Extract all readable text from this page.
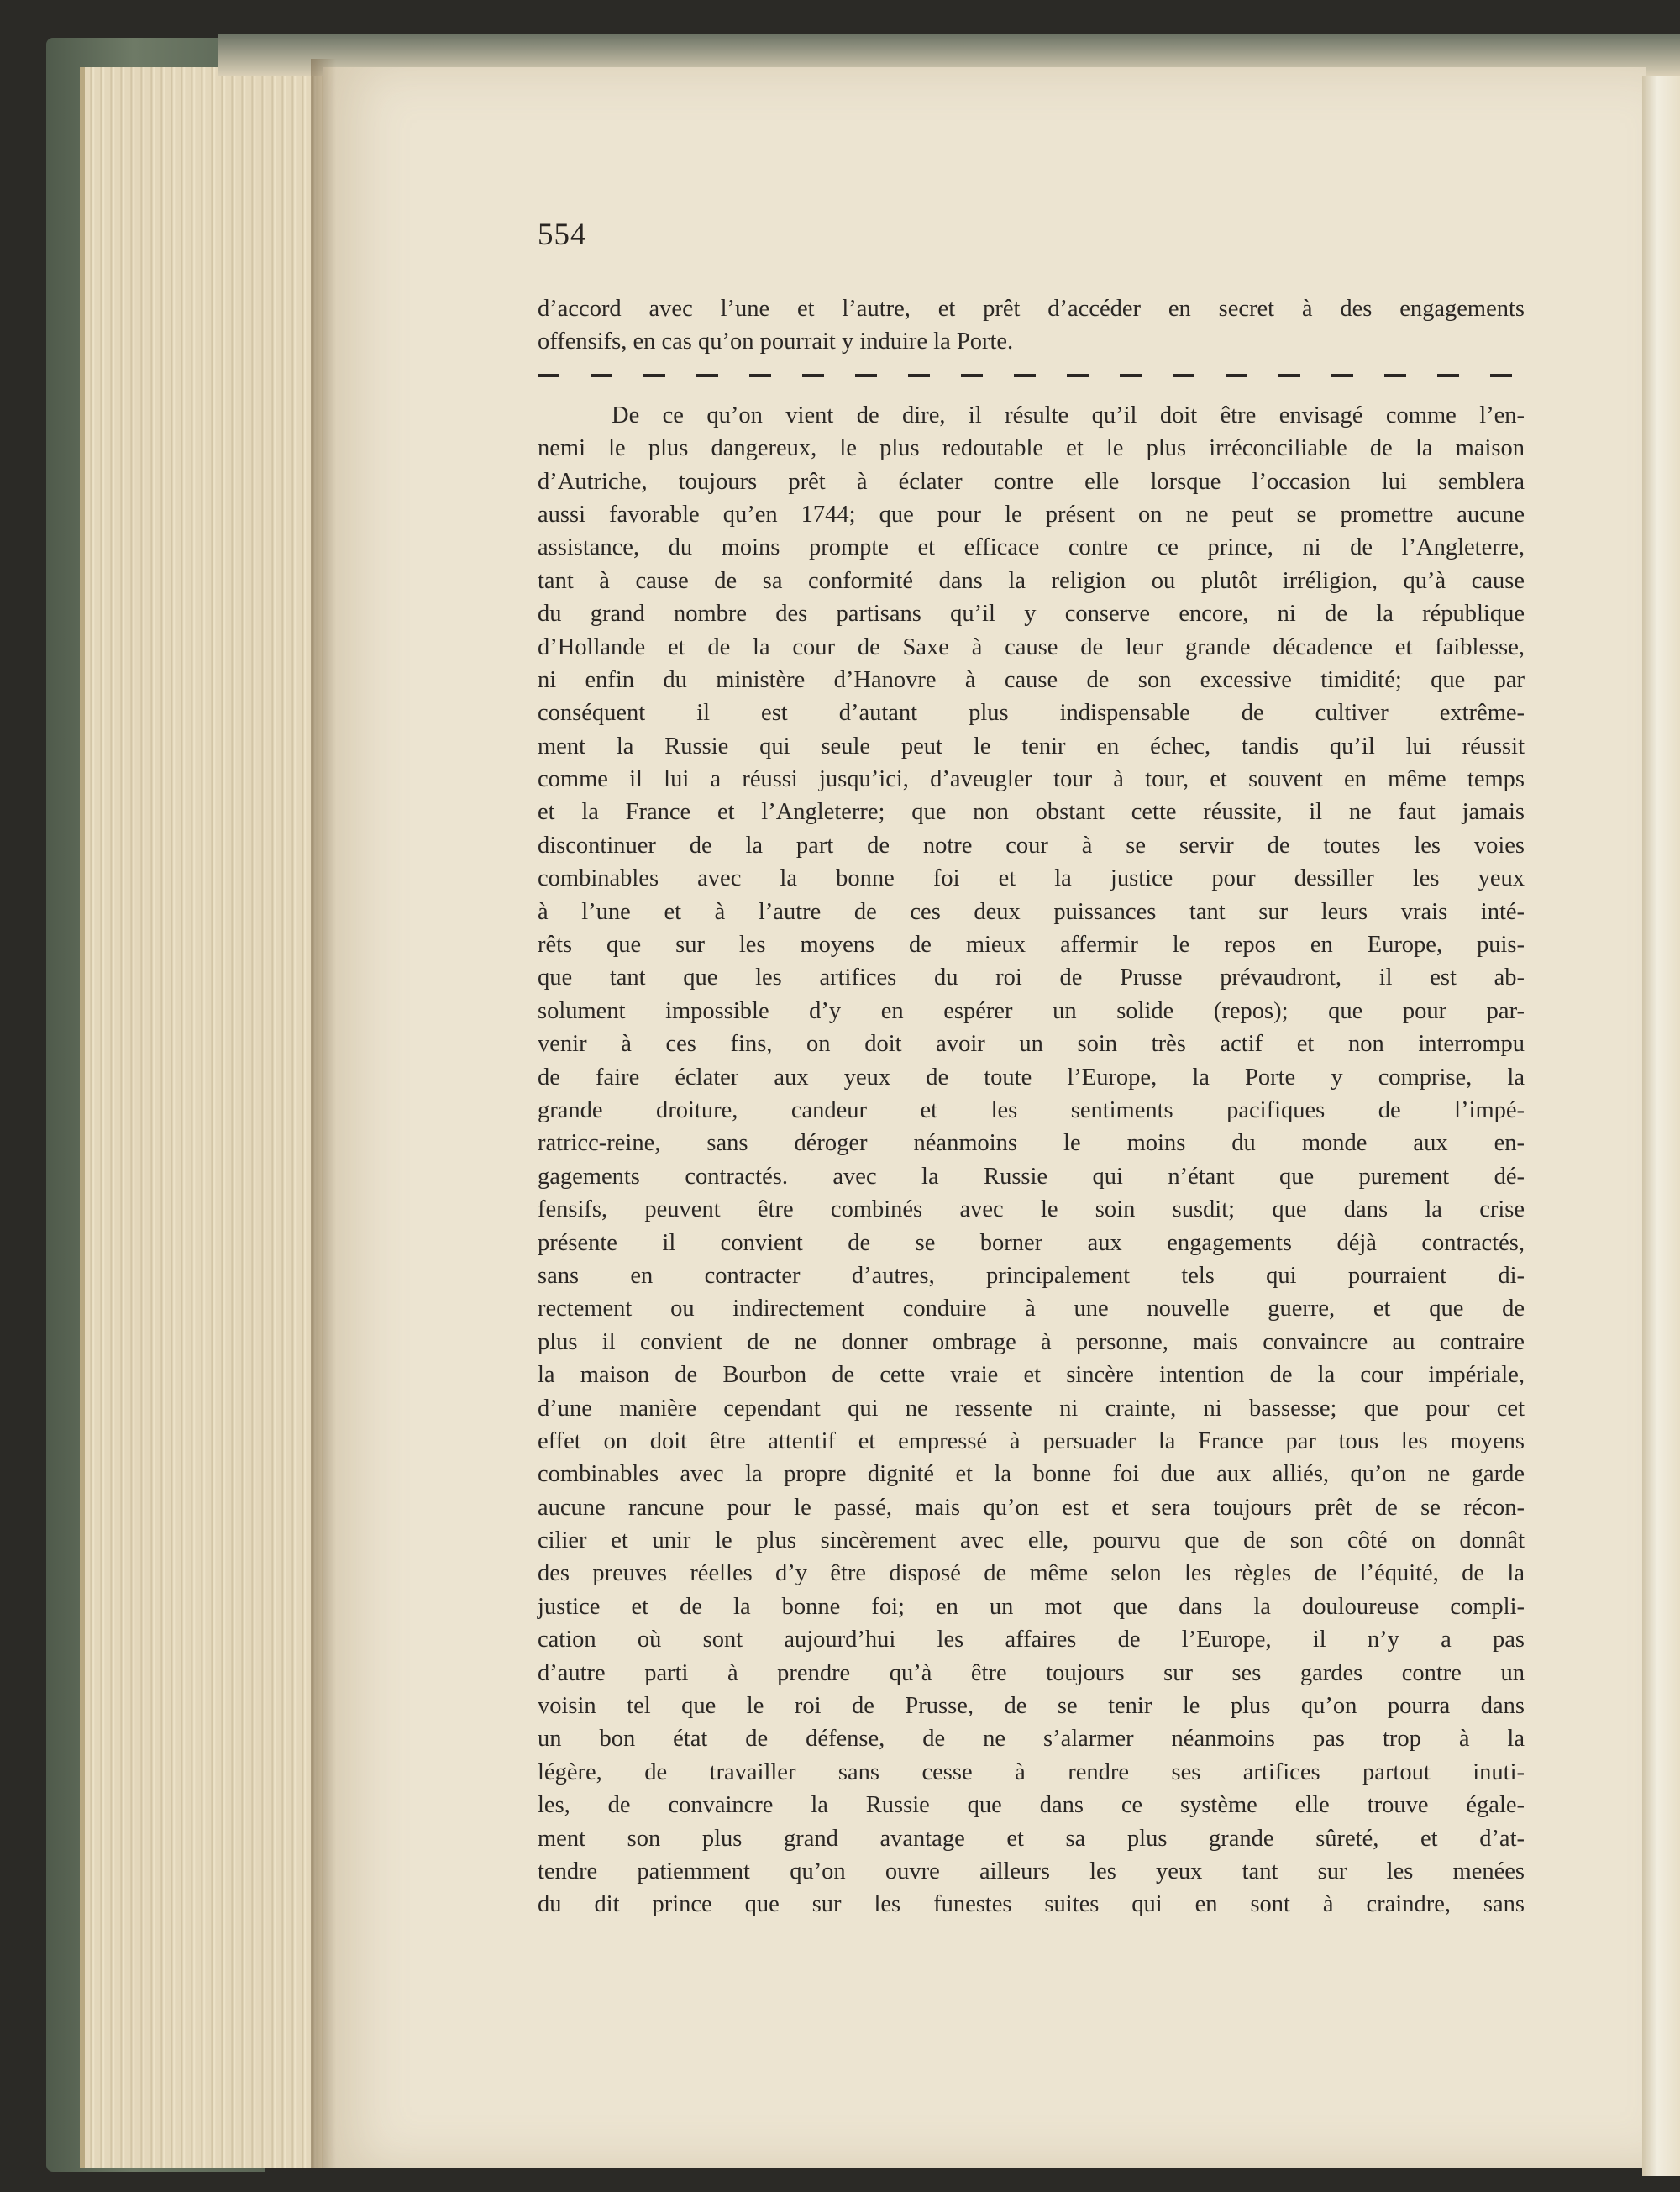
554
d’accord avec l’une et l’autre, et prêt d’accéder en secret à des engagements
offensifs, en cas qu’on pourrait y induire la Porte.
De ce qu’on vient de dire, il résulte qu’il doit être envisagé comme l’en-
nemi le plus dangereux, le plus redoutable et le plus irréconciliable de la maison
d’Autriche, toujours prêt à éclater contre elle lorsque l’occasion lui semblera
aussi favorable qu’en 1744; que pour le présent on ne peut se promettre aucune
assistance, du moins prompte et efficace contre ce prince, ni de l’Angleterre,
tant à cause de sa conformité dans la religion ou plutôt irréligion, qu’à cause
du grand nombre des partisans qu’il y conserve encore, ni de la république
d’Hollande et de la cour de Saxe à cause de leur grande décadence et faiblesse,
ni enfin du ministère d’Hanovre à cause de son excessive timidité; que par
conséquent il est d’autant plus indispensable de cultiver extrême-
ment la Russie qui seule peut le tenir en échec, tandis qu’il lui réussit
comme il lui a réussi jusqu’ici, d’aveugler tour à tour, et souvent en même temps
et la France et l’Angleterre; que non obstant cette réussite, il ne faut jamais
discontinuer de la part de notre cour à se servir de toutes les voies
combinables avec la bonne foi et la justice pour dessiller les yeux
à l’une et à l’autre de ces deux puissances tant sur leurs vrais inté-
rêts que sur les moyens de mieux affermir le repos en Europe, puis-
que tant que les artifices du roi de Prusse prévaudront, il est ab-
solument impossible d’y en espérer un solide (repos); que pour par-
venir à ces fins, on doit avoir un soin très actif et non interrompu
de faire éclater aux yeux de toute l’Europe, la Porte y comprise, la
grande droiture, candeur et les sentiments pacifiques de l’impé-
ratricc-reine, sans déroger néanmoins le moins du monde aux en-
gagements contractés. avec la Russie qui n’étant que purement dé-
fensifs, peuvent être combinés avec le soin susdit; que dans la crise
présente il convient de se borner aux engagements déjà contractés,
sans en contracter d’autres, principalement tels qui pourraient di-
rectement ou indirectement conduire à une nouvelle guerre, et que de
plus il convient de ne donner ombrage à personne, mais convaincre au contraire
la maison de Bourbon de cette vraie et sincère intention de la cour impériale,
d’une manière cependant qui ne ressente ni crainte, ni bassesse; que pour cet
effet on doit être attentif et empressé à persuader la France par tous les moyens
combinables avec la propre dignité et la bonne foi due aux alliés, qu’on ne garde
aucune rancune pour le passé, mais qu’on est et sera toujours prêt de se récon-
cilier et unir le plus sincèrement avec elle, pourvu que de son côté on donnât
des preuves réelles d’y être disposé de même selon les règles de l’équité, de la
justice et de la bonne foi; en un mot que dans la douloureuse compli-
cation où sont aujourd’hui les affaires de l’Europe, il n’y a pas
d’autre parti à prendre qu’à être toujours sur ses gardes contre un
voisin tel que le roi de Prusse, de se tenir le plus qu’on pourra dans
un bon état de défense, de ne s’alarmer néanmoins pas trop à la
légère, de travailler sans cesse à rendre ses artifices partout inuti-
les, de convaincre la Russie que dans ce système elle trouve égale-
ment son plus grand avantage et sa plus grande sûreté, et d’at-
tendre patiemment qu’on ouvre ailleurs les yeux tant sur les menées
du dit prince que sur les funestes suites qui en sont à craindre, sans
